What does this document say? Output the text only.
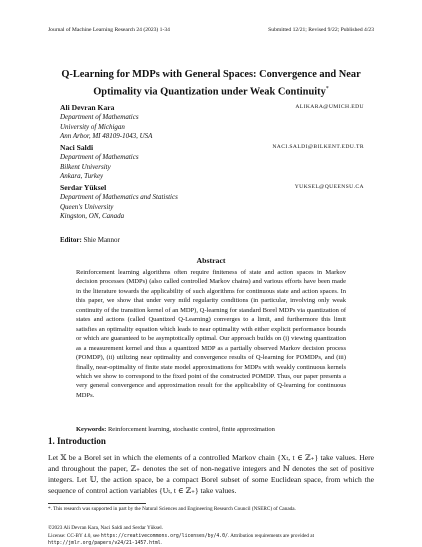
Journal of Machine Learning Research 24 (2023) 1-34	Submitted 12/21; Revised 9/22; Published 4/23
Q-Learning for MDPs with General Spaces: Convergence and Near
Optimality via Quantization under Weak Continuity*
Ali Devran Kara	ALIKARA@UMICH.EDU
Department of Mathematics
University of Michigan
Ann Arbor, MI 48109-1043, USA
Naci Saldi	NACI.SALDI@BILKENT.EDU.TR
Department of Mathematics
Bilkent University
Ankara, Turkey
Serdar Yüksel	YUKSEL@QUEENSU.CA
Department of Mathematics and Statistics
Queen's University
Kingston, ON, Canada
Editor: Shie Mannor
Abstract
Reinforcement learning algorithms often require finiteness of state and action spaces in Markov decision processes (MDPs) (also called controlled Markov chains) and various efforts have been made in the literature towards the applicability of such algorithms for continuous state and action spaces. In this paper, we show that under very mild regularity conditions (in particular, involving only weak continuity of the transition kernel of an MDP), Q-learning for standard Borel MDPs via quantization of states and actions (called Quantized Q-Learning) converges to a limit, and furthermore this limit satisfies an optimality equation which leads to near optimality with either explicit performance bounds or which are guaranteed to be asymptotically optimal. Our approach builds on (i) viewing quantization as a measurement kernel and thus a quantized MDP as a partially observed Markov decision process (POMDP), (ii) utilizing near optimality and convergence results of Q-learning for POMDPs, and (iii) finally, near-optimality of finite state model approximations for MDPs with weakly continuous kernels which we show to correspond to the fixed point of the constructed POMDP. Thus, our paper presents a very general convergence and approximation result for the applicability of Q-learning for continuous MDPs.
Keywords: Reinforcement learning, stochastic control, finite approximation
1. Introduction
Let 𝕏 be a Borel set in which the elements of a controlled Markov chain {Xₜ, t ∈ ℤ₊} take values. Here and throughout the paper, ℤ₊ denotes the set of non-negative integers and ℕ denotes the set of positive integers. Let 𝕌, the action space, be a compact Borel subset of some Euclidean space, from which the sequence of control action variables {Uₜ, t ∈ ℤ₊} take values.
*. This research was supported in part by the Natural Sciences and Engineering Research Council (NSERC) of Canada.
©2023 Ali Devran Kara, Naci Saldi and Serdar Yüksel.
License: CC-BY 4.0, see https://creativecommons.org/licenses/by/4.0/. Attribution requirements are provided at
http://jmlr.org/papers/v24/21-1457.html.
